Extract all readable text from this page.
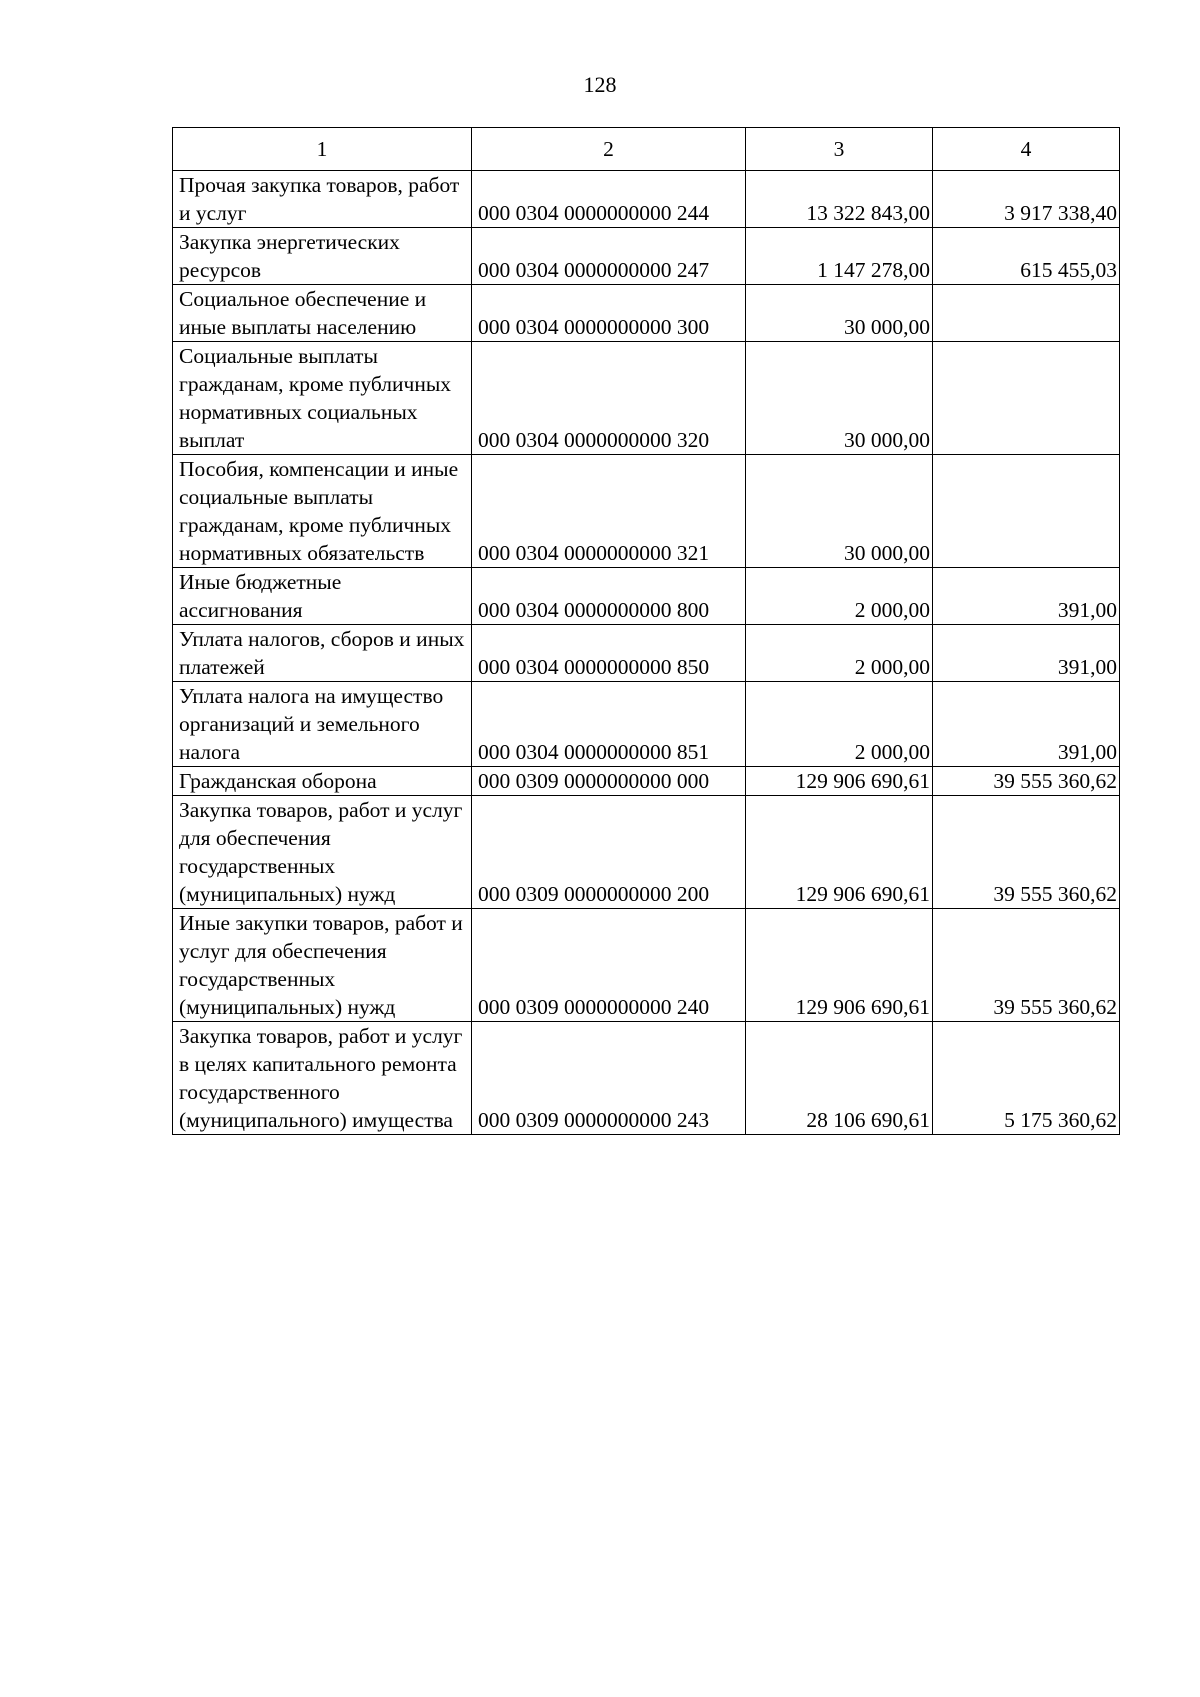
128
1	2	3	4
Прочая закупка товаров, работ и услуг	000 0304 0000000000 244	13 322 843,00	3 917 338,40
Закупка энергетических ресурсов	000 0304 0000000000 247	1 147 278,00	615 455,03
Социальное обеспечение и иные выплаты населению	000 0304 0000000000 300	30 000,00	
Социальные выплаты гражданам, кроме публичных нормативных социальных выплат	000 0304 0000000000 320	30 000,00	
Пособия, компенсации и иные социальные выплаты гражданам, кроме публичных нормативных обязательств	000 0304 0000000000 321	30 000,00	
Иные бюджетные ассигнования	000 0304 0000000000 800	2 000,00	391,00
Уплата налогов, сборов и иных платежей	000 0304 0000000000 850	2 000,00	391,00
Уплата налога на имущество организаций и земельного налога	000 0304 0000000000 851	2 000,00	391,00
Гражданская оборона	000 0309 0000000000 000	129 906 690,61	39 555 360,62
Закупка товаров, работ и услуг для обеспечения государственных (муниципальных) нужд	000 0309 0000000000 200	129 906 690,61	39 555 360,62
Иные закупки товаров, работ и услуг для обеспечения государственных (муниципальных) нужд	000 0309 0000000000 240	129 906 690,61	39 555 360,62
Закупка товаров, работ и услуг в целях капитального ремонта государственного (муниципального) имущества	000 0309 0000000000 243	28 106 690,61	5 175 360,62
